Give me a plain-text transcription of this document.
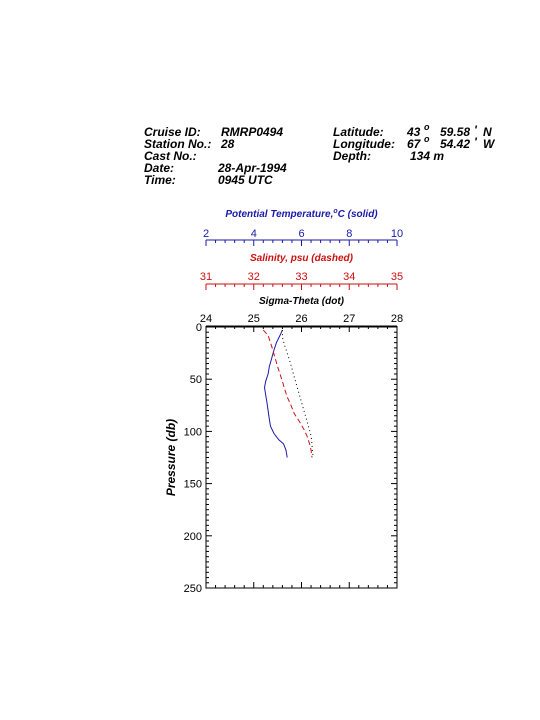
Cruise ID: RMRP0494
Station No.: 28
Cast No.:
Date:	28-Apr-1994
Time:	0945 UTC
Latitude: 43 o 59.58 ' N
Longitude: 67 o 54.42 ' W
Depth:	134 m
Potential Temperature,$^o$C (solid)
2	4	6	8	10
Salinity, psu (dashed)
31	32	33	34	35
Sigma-Theta (dot)
24	25	26	27	28
0
50
100
150
200
250
Pressure (db)
